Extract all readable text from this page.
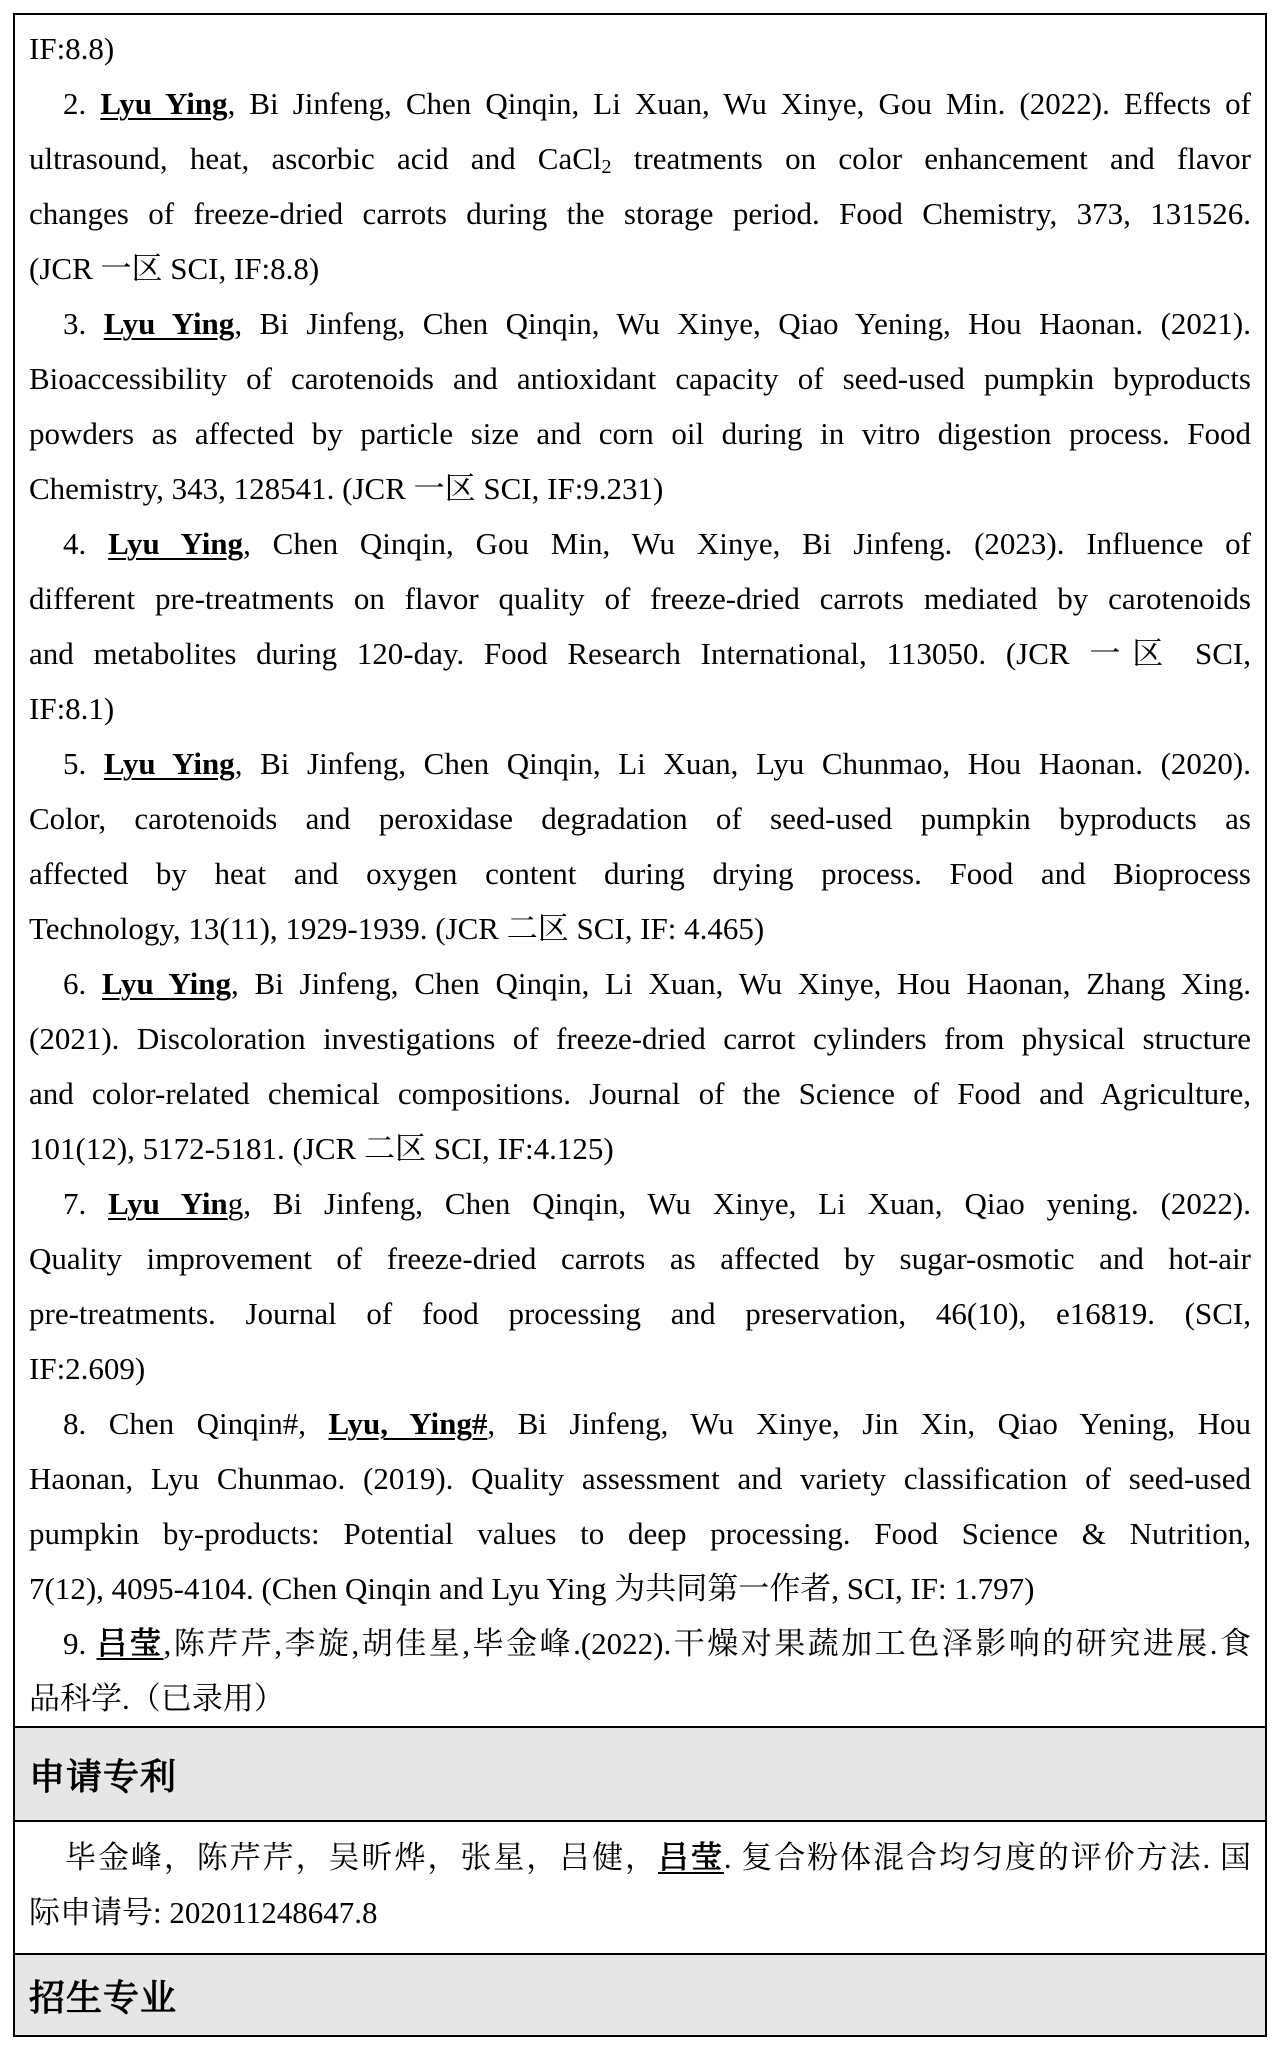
IF:8.8)
2. Lyu Ying, Bi Jinfeng, Chen Qinqin, Li Xuan, Wu Xinye, Gou Min. (2022). Effects of
ultrasound, heat, ascorbic acid and CaCl$_2$ treatments on color enhancement and flavor
changes of freeze-dried carrots during the storage period. Food Chemistry, 373, 131526.
(JCR 一区 SCI, IF:8.8)
3. Lyu Ying, Bi Jinfeng, Chen Qinqin, Wu Xinye, Qiao Yening, Hou Haonan. (2021).
Bioaccessibility of carotenoids and antioxidant capacity of seed-used pumpkin byproducts
powders as affected by particle size and corn oil during in vitro digestion process. Food
Chemistry, 343, 128541. (JCR 一区 SCI, IF:9.231)
4. Lyu Ying, Chen Qinqin, Gou Min, Wu Xinye, Bi Jinfeng. (2023). Influence of
different pre-treatments on flavor quality of freeze-dried carrots mediated by carotenoids
and metabolites during 120-day. Food Research International, 113050. (JCR 一区 SCI,
IF:8.1)
5. Lyu Ying, Bi Jinfeng, Chen Qinqin, Li Xuan, Lyu Chunmao, Hou Haonan. (2020).
Color, carotenoids and peroxidase degradation of seed-used pumpkin byproducts as
affected by heat and oxygen content during drying process. Food and Bioprocess
Technology, 13(11), 1929-1939. (JCR 二区 SCI, IF: 4.465)
6. Lyu Ying, Bi Jinfeng, Chen Qinqin, Li Xuan, Wu Xinye, Hou Haonan, Zhang Xing.
(2021). Discoloration investigations of freeze-dried carrot cylinders from physical structure
and color-related chemical compositions. Journal of the Science of Food and Agriculture,
101(12), 5172-5181. (JCR 二区 SCI, IF:4.125)
7. Lyu Ying, Bi Jinfeng, Chen Qinqin, Wu Xinye, Li Xuan, Qiao yening. (2022).
Quality improvement of freeze-dried carrots as affected by sugar-osmotic and hot-air
pre-treatments. Journal of food processing and preservation, 46(10), e16819. (SCI,
IF:2.609)
8. Chen Qinqin#, Lyu, Ying#, Bi Jinfeng, Wu Xinye, Jin Xin, Qiao Yening, Hou
Haonan, Lyu Chunmao. (2019). Quality assessment and variety classification of seed-used
pumpkin by-products: Potential values to deep processing. Food Science & Nutrition,
7(12), 4095-4104. (Chen Qinqin and Lyu Ying 为共同第一作者, SCI, IF: 1.797)
9. 吕莹,陈芹芹,李旋,胡佳星,毕金峰.(2022).干燥对果蔬加工色泽影响的研究进展.食
品科学.（已录用）
申请专利
毕金峰，陈芹芹，吴昕烨，张星，吕健，吕莹. 复合粉体混合均匀度的评价方法. 国
际申请号: 202011248647.8
招生专业
